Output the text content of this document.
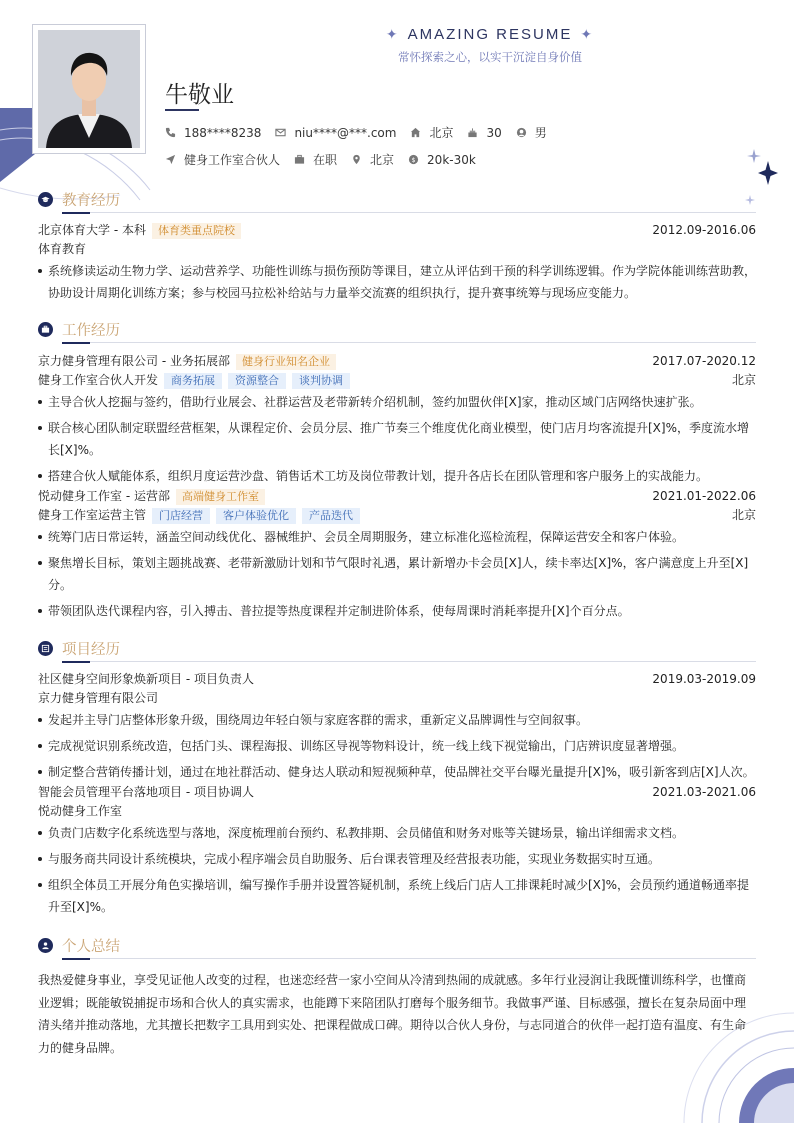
✦ AMAZING RESUME ✦
常怀探索之心，以实干沉淀自身价值
牛敬业
188****8238	niu****@***.com	北京	30	男
健身工作室合伙人	在职	北京 $ 20k-30k
教育经历
北京体育大学 - 本科	体育类重点院校	2012.09-2016.06
体育教育
系统修读运动生物力学、运动营养学、功能性训练与损伤预防等课目，建立从评估到干预的科学训练逻辑。作为学院体能训练营助教，协助设计周期化训练方案；参与校园马拉松补给站与力量举交流赛的组织执行，提升赛事统筹与现场应变能力。
工作经历
京力健身管理有限公司 - 业务拓展部	健身行业知名企业	2017.07-2020.12
健身工作室合伙人开发	商务拓展	资源整合	谈判协调	北京
主导合伙人挖掘与签约，借助行业展会、社群运营及老带新转介绍机制，签约加盟伙伴[X]家，推动区域门店网络快速扩张。
联合核心团队制定联盟经营框架，从课程定价、会员分层、推广节奏三个维度优化商业模型，使门店月均客流提升[X]%，季度流水增长[X]%。
搭建合伙人赋能体系，组织月度运营沙盘、销售话术工坊及岗位带教计划，提升各店长在团队管理和客户服务上的实战能力。
悦动健身工作室 - 运营部	高端健身工作室	2021.01-2022.06
健身工作室运营主管	门店经营	客户体验优化	产品迭代	北京
统筹门店日常运转，涵盖空间动线优化、器械维护、会员全周期服务，建立标准化巡检流程，保障运营安全和客户体验。
聚焦增长目标，策划主题挑战赛、老带新激励计划和节气限时礼遇，累计新增办卡会员[X]人，续卡率达[X]%，客户满意度上升至[X]分。
带领团队迭代课程内容，引入搏击、普拉提等热度课程并定制进阶体系，使每周课时消耗率提升[X]个百分点。
项目经历
社区健身空间形象焕新项目 - 项目负责人	2019.03-2019.09
京力健身管理有限公司
发起并主导门店整体形象升级，围绕周边年轻白领与家庭客群的需求，重新定义品牌调性与空间叙事。
完成视觉识别系统改造，包括门头、课程海报、训练区导视等物料设计，统一线上线下视觉输出，门店辨识度显著增强。
制定整合营销传播计划，通过在地社群活动、健身达人联动和短视频种草，使品牌社交平台曝光量提升[X]%，吸引新客到店[X]人次。
智能会员管理平台落地项目 - 项目协调人	2021.03-2021.06
悦动健身工作室
负责门店数字化系统选型与落地，深度梳理前台预约、私教排期、会员储值和财务对账等关键场景，输出详细需求文档。
与服务商共同设计系统模块，完成小程序端会员自助服务、后台课表管理及经营报表功能，实现业务数据实时互通。
组织全体员工开展分角色实操培训，编写操作手册并设置答疑机制，系统上线后门店人工排课耗时减少[X]%，会员预约通道畅通率提升至[X]%。
个人总结

我热爱健身事业，享受见证他人改变的过程，也迷恋经营一家小空间从冷清到热闹的成就感。多年行业浸润让我既懂训练科学，也懂商业逻辑；既能敏锐捕捉市场和合伙人的真实需求，也能蹲下来陪团队打磨每个服务细节。我做事严谨、目标感强，擅长在复杂局面中理清头绪并推动落地，尤其擅长把数字工具用到实处、把课程做成口碑。期待以合伙人身份，与志同道合的伙伴一起打造有温度、有生命力的健身品牌。
